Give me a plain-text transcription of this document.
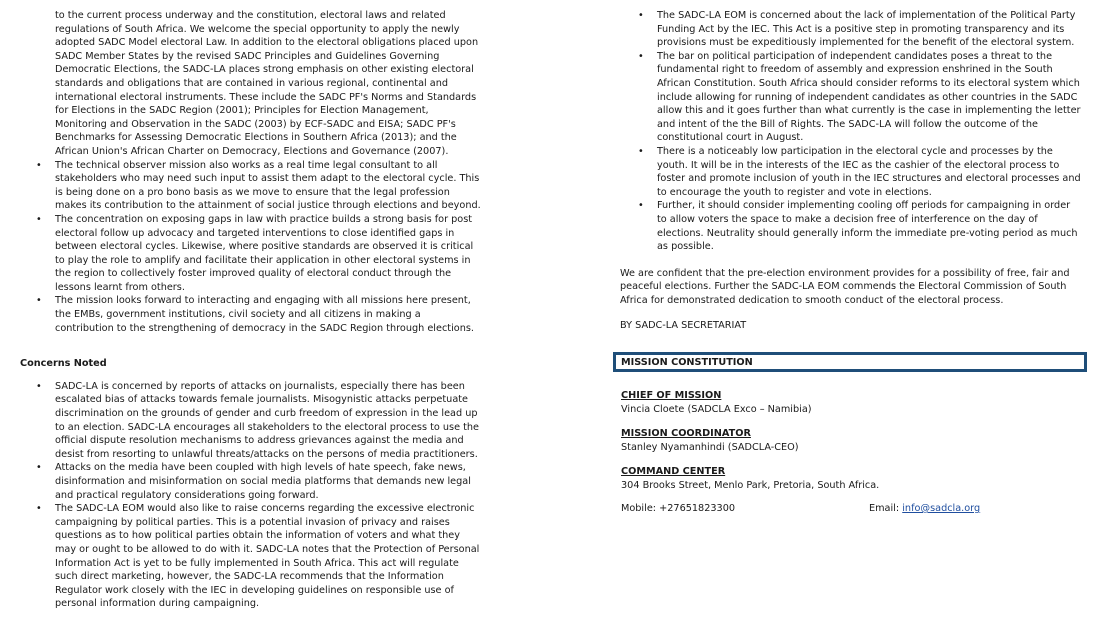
to the current process underway and the constitution, electoral laws and related regulations of South Africa. We welcome the special opportunity to apply the newly adopted SADC Model electoral Law. In addition to the electoral obligations placed upon SADC Member States by the revised SADC Principles and Guidelines Governing Democratic Elections, the SADC-LA places strong emphasis on other existing electoral standards and obligations that are contained in various regional, continental and international electoral instruments. These include the SADC PF's Norms and Standards for Elections in the SADC Region (2001); Principles for Election Management, Monitoring and Observation in the SADC (2003) by ECF-SADC and EISA; SADC PF's Benchmarks for Assessing Democratic Elections in Southern Africa (2013); and the African Union's African Charter on Democracy, Elections and Governance (2007).

• The technical observer mission also works as a real time legal consultant to all stakeholders who may need such input to assist them adapt to the electoral cycle. This is being done on a pro bono basis as we move to ensure that the legal profession makes its contribution to the attainment of social justice through elections and beyond.
• The concentration on exposing gaps in law with practice builds a strong basis for post electoral follow up advocacy and targeted interventions to close identified gaps in between electoral cycles. Likewise, where positive standards are observed it is critical to play the role to amplify and facilitate their application in other electoral systems in the region to collectively foster improved quality of electoral conduct through the lessons learnt from others.
• The mission looks forward to interacting and engaging with all missions here present, the EMBs, government institutions, civil society and all citizens in making a contribution to the strengthening of democracy in the SADC Region through elections.

Concerns Noted

• SADC-LA is concerned by reports of attacks on journalists, especially there has been escalated bias of attacks towards female journalists. Misogynistic attacks perpetuate discrimination on the grounds of gender and curb freedom of expression in the lead up to an election. SADC-LA encourages all stakeholders to the electoral process to use the official dispute resolution mechanisms to address grievances against the media and desist from resorting to unlawful threats/attacks on the persons of media practitioners.
• Attacks on the media have been coupled with high levels of hate speech, fake news, disinformation and misinformation on social media platforms that demands new legal and practical regulatory considerations going forward.
• The SADC-LA EOM would also like to raise concerns regarding the excessive electronic campaigning by political parties. This is a potential invasion of privacy and raises questions as to how political parties obtain the information of voters and what they may or ought to be allowed to do with it. SADC-LA notes that the Protection of Personal Information Act is yet to be fully implemented in South Africa. This act will regulate such direct marketing, however, the SADC-LA recommends that the Information Regulator work closely with the IEC in developing guidelines on responsible use of personal information during campaigning.
• The SADC-LA EOM is concerned about the lack of implementation of the Political Party Funding Act by the IEC. This Act is a positive step in promoting transparency and its provisions must be expeditiously implemented for the benefit of the electoral system.
• The bar on political participation of independent candidates poses a threat to the fundamental right to freedom of assembly and expression enshrined in the South African Constitution. South Africa should consider reforms to its electoral system which include allowing for running of independent candidates as other countries in the SADC allow this and it goes further than what currently is the case in implementing the letter and intent of the the Bill of Rights. The SADC-LA will follow the outcome of the constitutional court in August.
• There is a noticeably low participation in the electoral cycle and processes by the youth. It will be in the interests of the IEC as the cashier of the electoral process to foster and promote inclusion of youth in the IEC structures and electoral processes and to encourage the youth to register and vote in elections.
• Further, it should consider implementing cooling off periods for campaigning in order to allow voters the space to make a decision free of interference on the day of elections. Neutrality should generally inform the immediate pre-voting period as much as possible.

We are confident that the pre-election environment provides for a possibility of free, fair and peaceful elections. Further the SADC-LA EOM commends the Electoral Commission of South Africa for demonstrated dedication to smooth conduct of the electoral process.

BY SADC-LA SECRETARIAT

MISSION CONSTITUTION
CHIEF OF MISSION
Vincia Cloete (SADCLA Exco – Namibia)
MISSION COORDINATOR
Stanley Nyamanhindi (SADCLA-CEO)
COMMAND CENTER
304 Brooks Street, Menlo Park, Pretoria, South Africa.
Mobile: +27651823300	Email: info@sadcla.org
